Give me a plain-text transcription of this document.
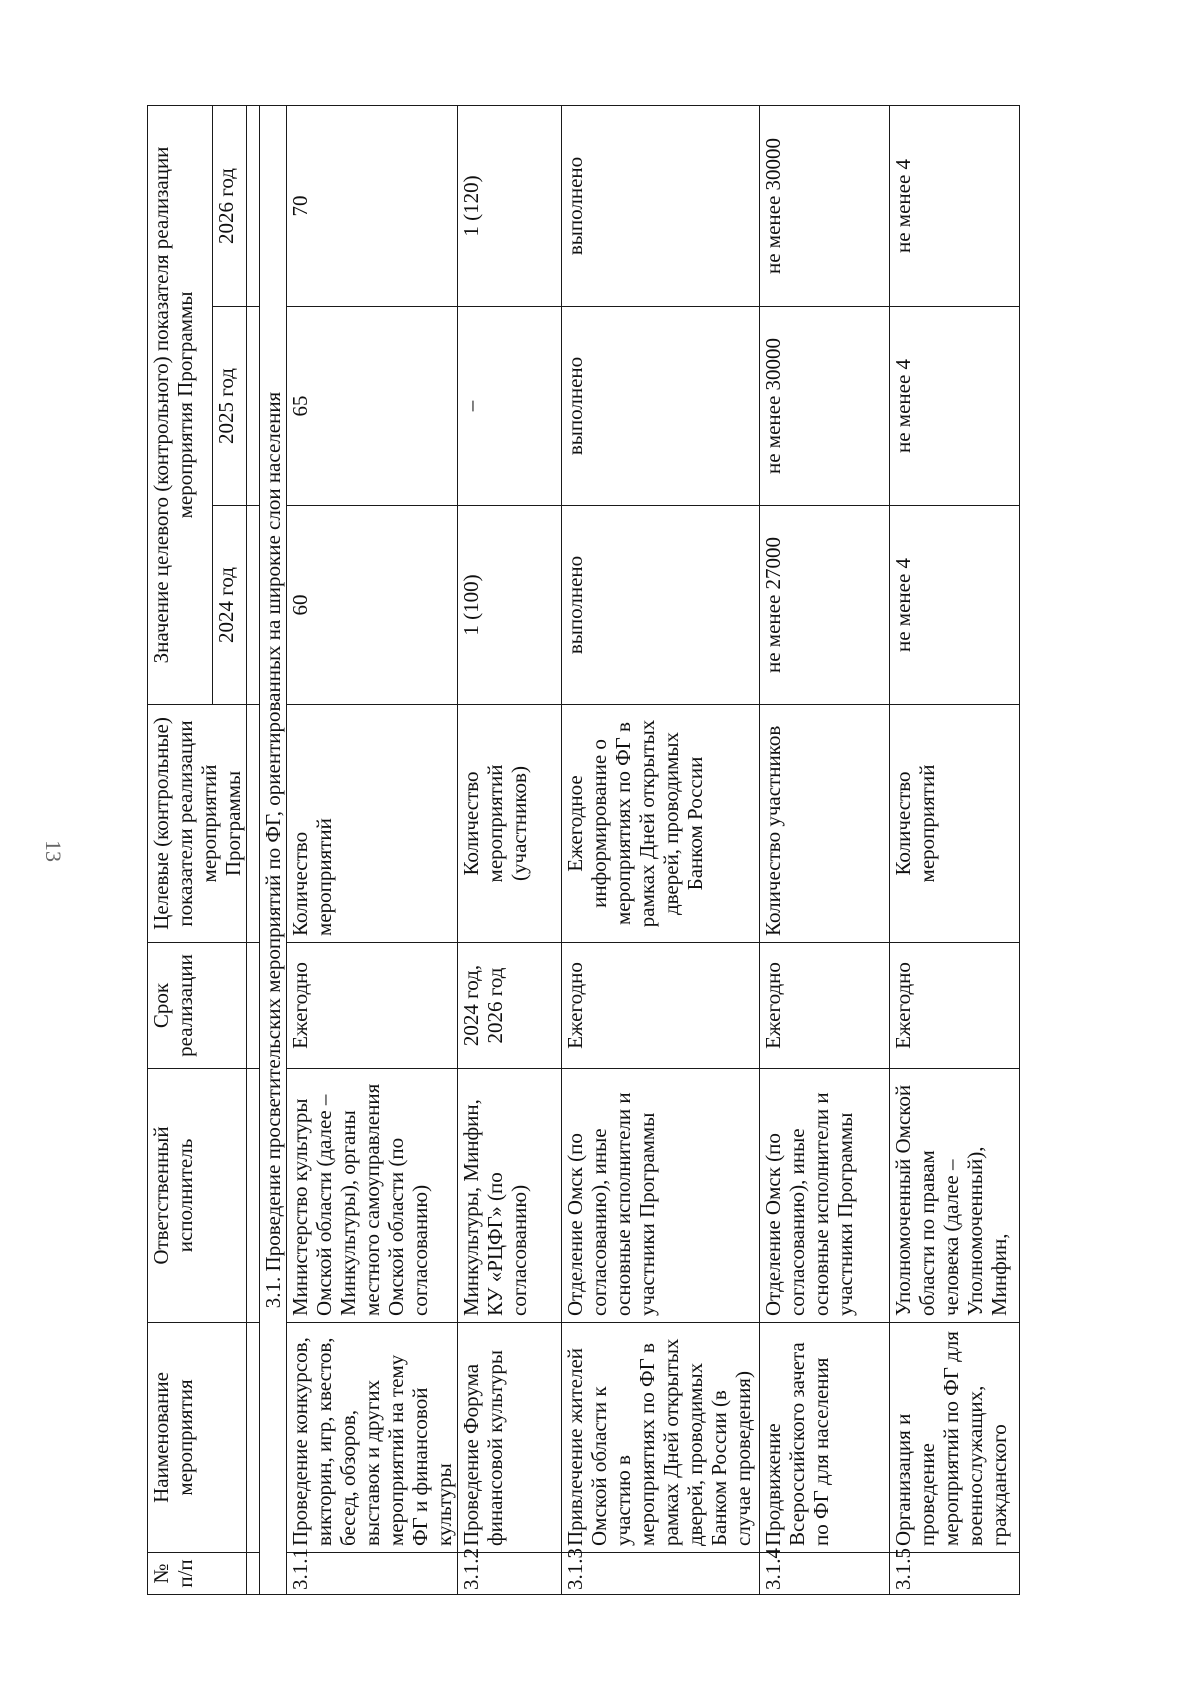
13
№ п/п	Наименование мероприятия	Ответственный исполнитель	Срок реализации	Целевые (контрольные) показатели реализации мероприятий Программы	Значение целевого (контрольного) показателя реализации мероприятия Программы		
					2024 год	2025 год	2026 год

3.1. Проведение просветительских мероприятий по ФГ, ориентированных на широкие слои населения							
3.1.1	Проведение конкурсов, викторин, игр, квестов, бесед, обзоров, выставок и других мероприятий на тему ФГ и финансовой культуры	Министерство культуры Омской области (далее – Минкультуры), органы местного самоуправления Омской области (по согласованию)	Ежегодно	Количество мероприятий	60	65	70
3.1.2	Проведение Форума финансовой культуры	Минкультуры, Минфин, КУ «РЦФГ» (по согласованию)	2024 год, 2026 год	Количество мероприятий (участников)	1 (100)	–	1 (120)
3.1.3	Привлечение жителей Омской области к участию в мероприятиях по ФГ в рамках Дней открытых дверей, проводимых Банком России (в случае проведения)	Отделение Омск (по согласованию), иные основные исполнители и участники Программы	Ежегодно	Ежегодное информирование о мероприятиях по ФГ в рамках Дней открытых дверей, проводимых Банком России	выполнено	выполнено	выполнено
3.1.4	Продвижение Всероссийского зачета по ФГ для населения	Отделение Омск (по согласованию), иные основные исполнители и участники Программы	Ежегодно	Количество участников	не менее 27000	не менее 30000	не менее 30000
3.1.5	Организация и проведение мероприятий по ФГ для военнослужащих, гражданского	Уполномоченный Омской области по правам человека (далее – Уполномоченный), Минфин,	Ежегодно	Количество мероприятий	не менее 4	не менее 4	не менее 4
